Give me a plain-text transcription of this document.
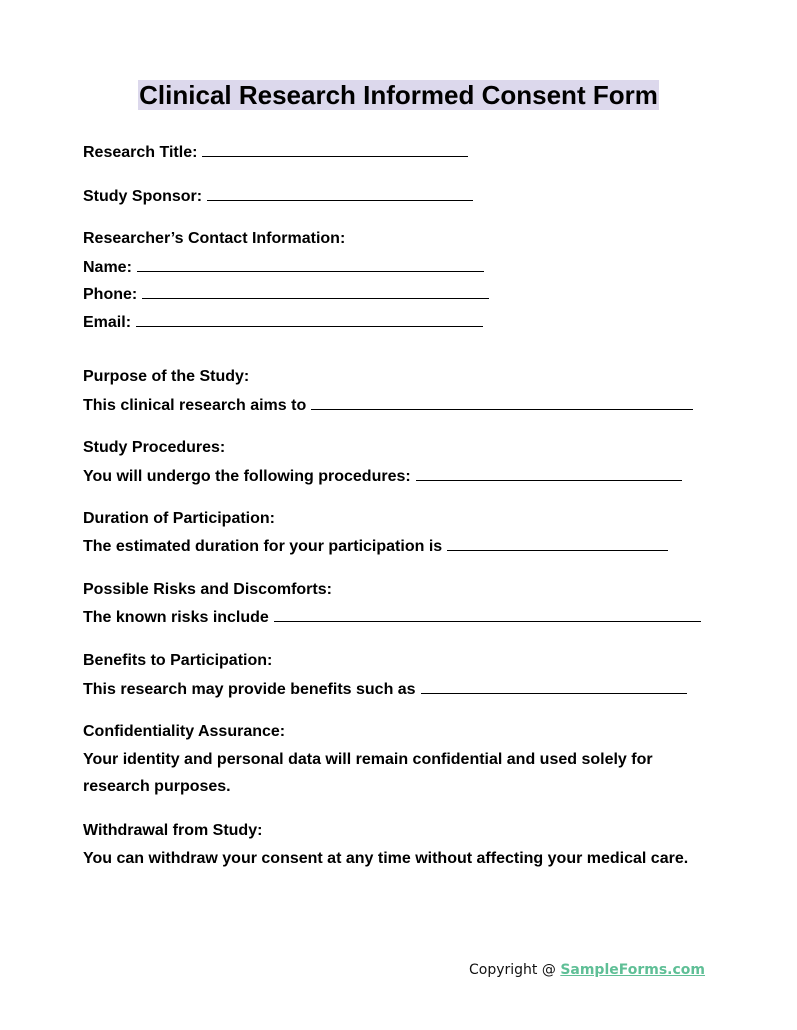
Clinical Research Informed Consent Form

Research Title:

Study Sponsor:

Researcher’s Contact Information:

Name:

Phone:

Email:

Purpose of the Study:

This clinical research aims to

Study Procedures:

You will undergo the following procedures:

Duration of Participation:

The estimated duration for your participation is

Possible Risks and Discomforts:

The known risks include

Benefits to Participation:

This research may provide benefits such as

Confidentiality Assurance:

Your identity and personal data will remain confidential and used solely for research purposes.

Withdrawal from Study:

You can withdraw your consent at any time without affecting your medical care.

Copyright @ SampleForms.com
